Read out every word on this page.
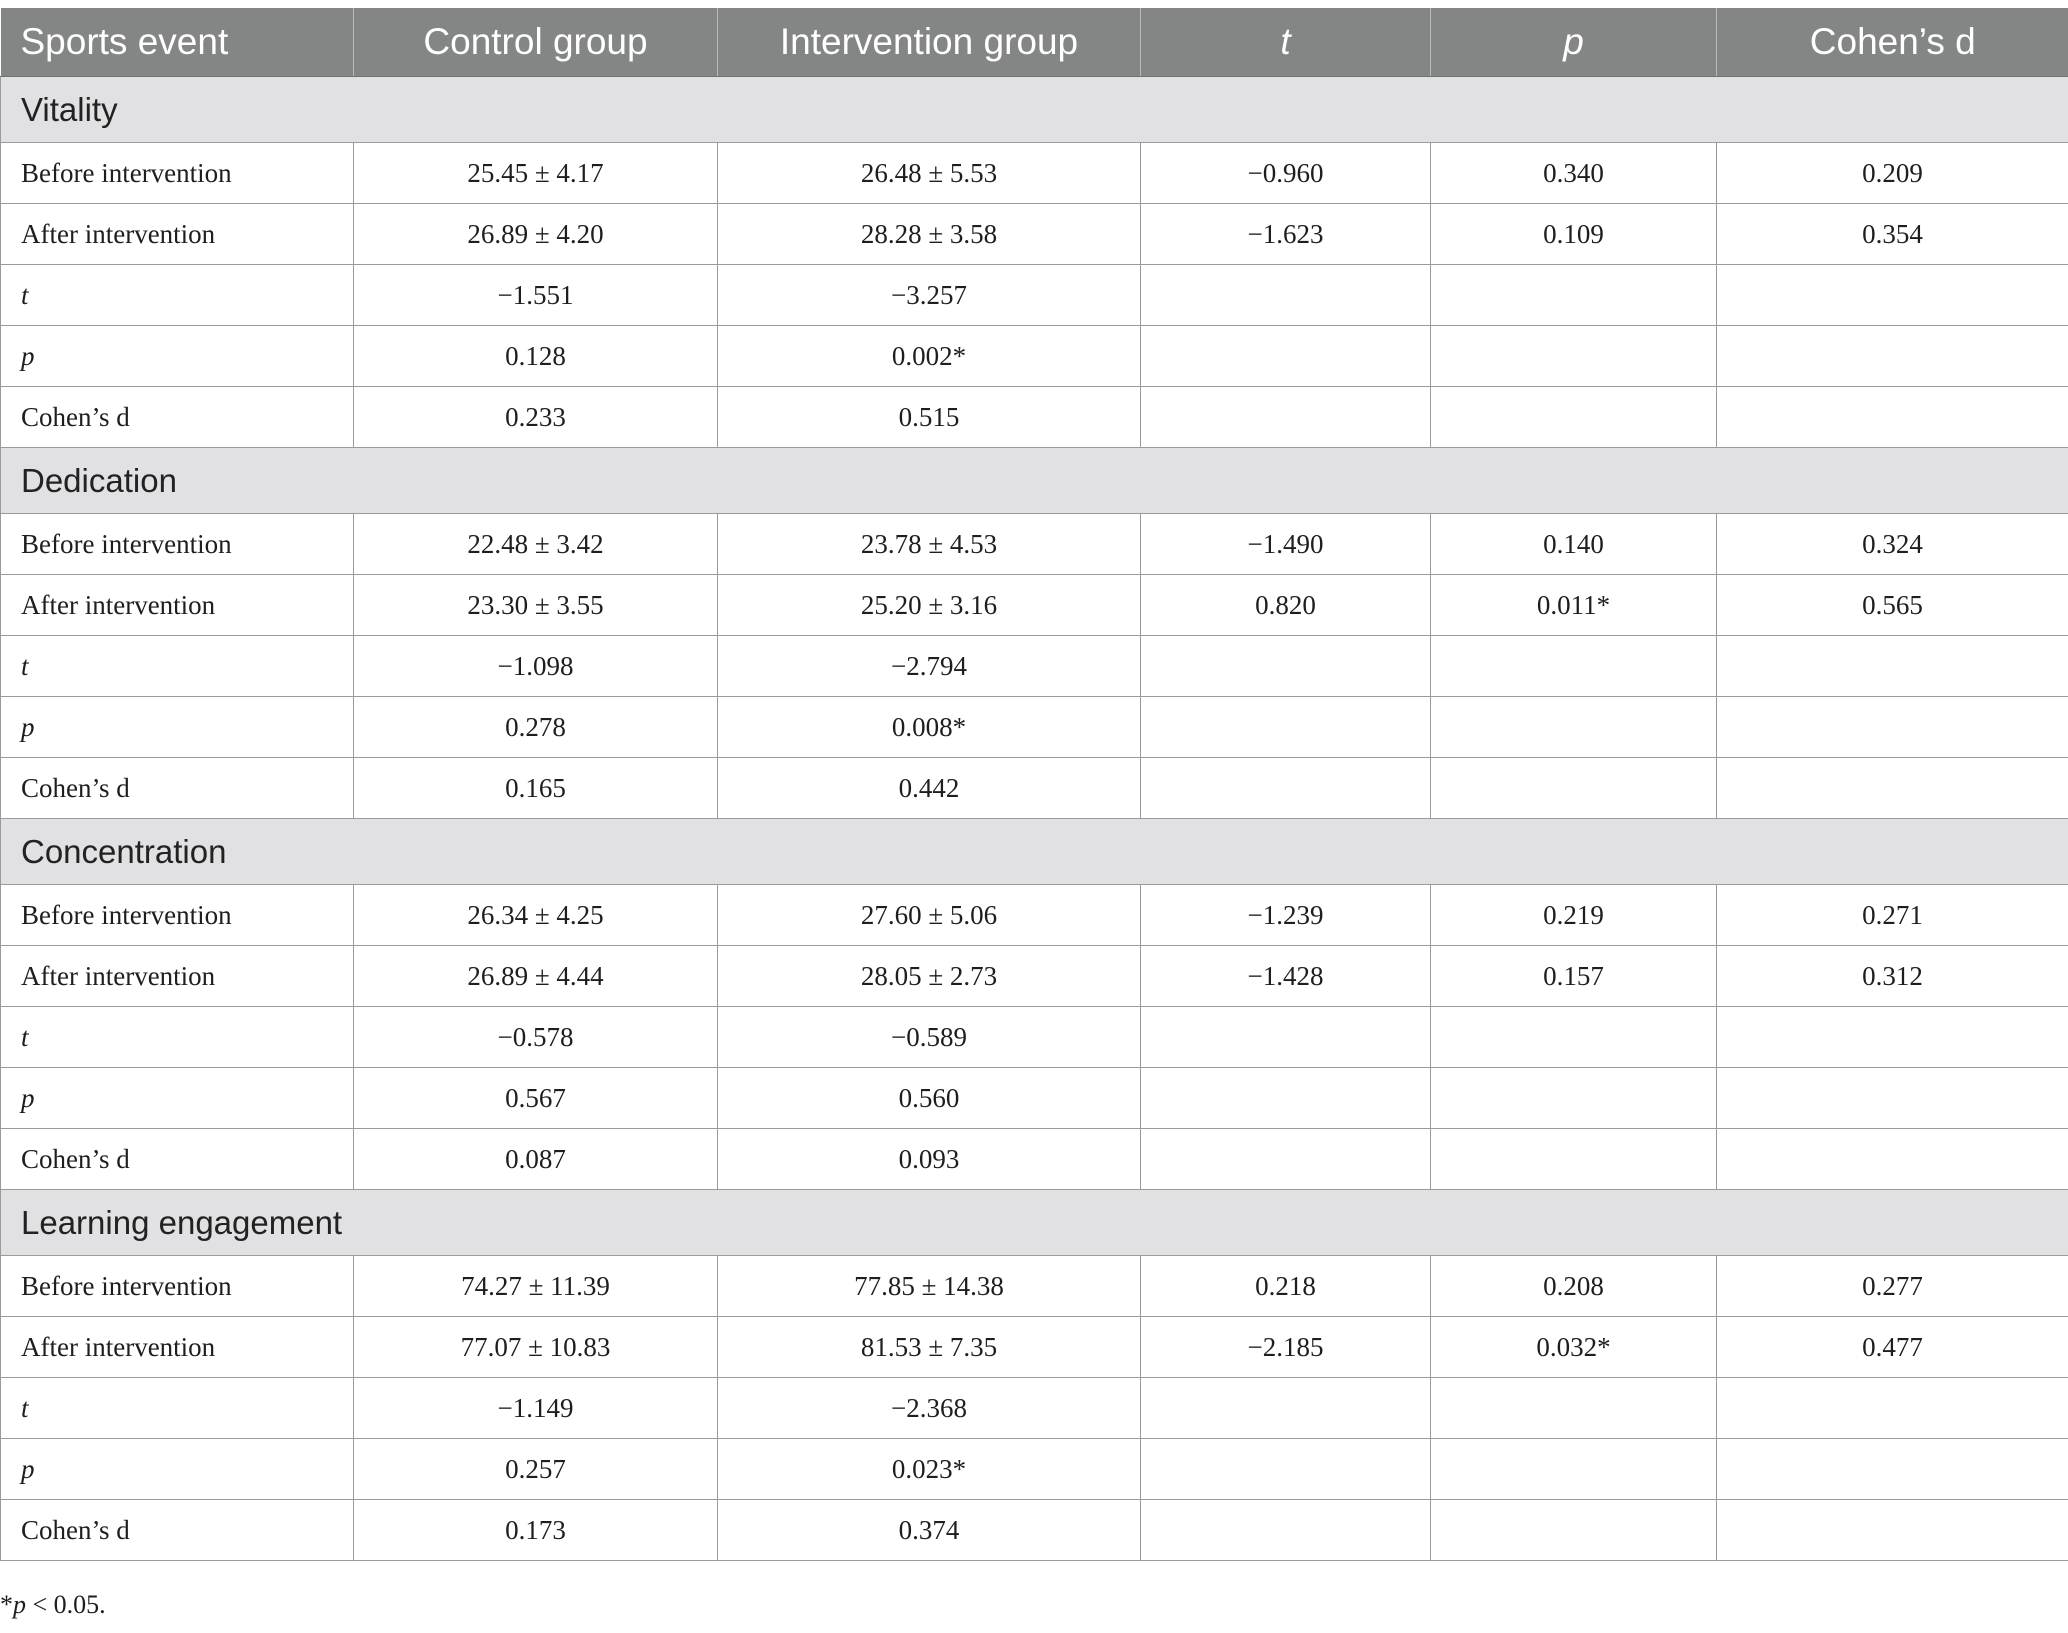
Sports event	Control group	Intervention group	t	p	Cohen’s d
Vitality					
Before intervention	25.45 ± 4.17	26.48 ± 5.53	−0.960	0.340	0.209
After intervention	26.89 ± 4.20	28.28 ± 3.58	−1.623	0.109	0.354
t	−1.551	−3.257			
p	0.128	0.002*			
Cohen’s d	0.233	0.515			
Dedication					
Before intervention	22.48 ± 3.42	23.78 ± 4.53	−1.490	0.140	0.324
After intervention	23.30 ± 3.55	25.20 ± 3.16	0.820	0.011*	0.565
t	−1.098	−2.794			
p	0.278	0.008*			
Cohen’s d	0.165	0.442			
Concentration					
Before intervention	26.34 ± 4.25	27.60 ± 5.06	−1.239	0.219	0.271
After intervention	26.89 ± 4.44	28.05 ± 2.73	−1.428	0.157	0.312
t	−0.578	−0.589			
p	0.567	0.560			
Cohen’s d	0.087	0.093			
Learning engagement					
Before intervention	74.27 ± 11.39	77.85 ± 14.38	0.218	0.208	0.277
After intervention	77.07 ± 10.83	81.53 ± 7.35	−2.185	0.032*	0.477
t	−1.149	−2.368			
p	0.257	0.023*			
Cohen’s d	0.173	0.374			
*p < 0.05.
